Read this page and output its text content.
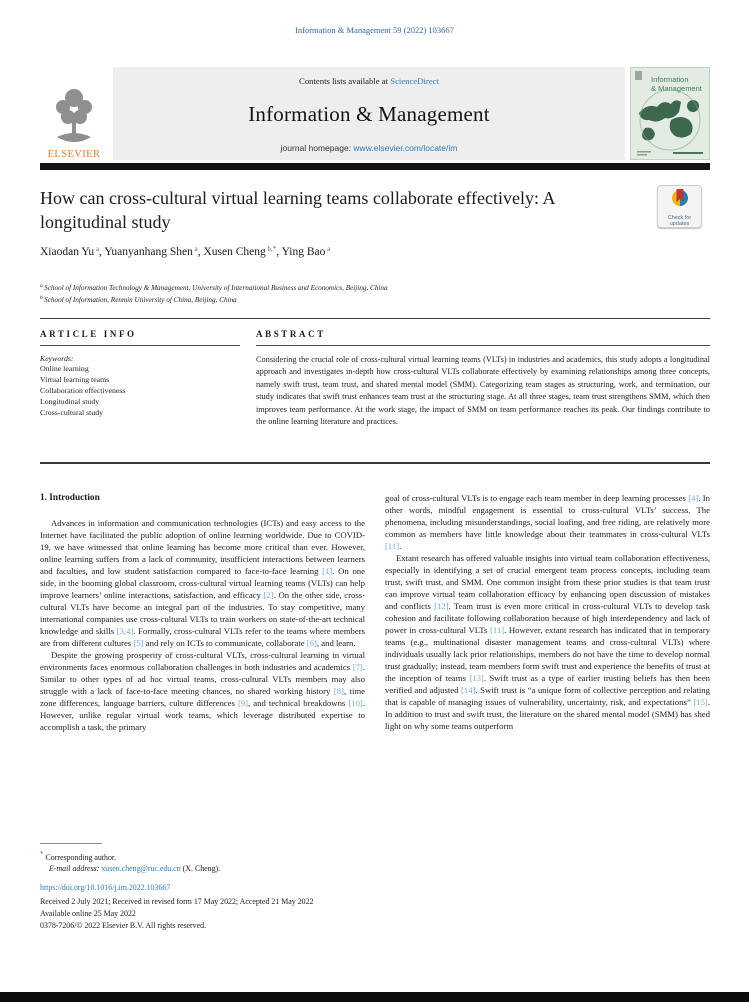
Information & Management 59 (2022) 103667
ELSEVIER
Contents lists available at ScienceDirect
Information & Management
journal homepage: www.elsevier.com/locate/im
Information
& Management
How can cross-cultural virtual learning teams collaborate effectively: A longitudinal study	Check for
updates
Xiaodan Yu $^a$, Yuanyanhang Shen $^a$, Xusen Cheng $^{b,*}$, Ying Bao $^a$
$^a$ School of Information Technology & Management, University of International Business and Economics, Beijing, China
$^b$ School of Information, Renmin University of China, Beijing, China
ARTICLE INFO
Keywords:
Online learning
Virtual learning teams
Collaboration effectiveness
Longitudinal study
Cross-cultural study
ABSTRACT
Considering the crucial role of cross-cultural virtual learning teams (VLTs) in industries and academics, this study adopts a longitudinal approach and investigates in-depth how cross-cultural VLTs collaborate effectively by examining relationships among three concepts, namely swift trust, team trust, and shared mental model (SMM). Categorizing team stages as structuring, work, and termination, our study indicates that swift trust enhances team trust at the structuring stage. At all three stages, team trust strengthens SMM, which then improves team performance. At the work stage, the impact of SMM on team performance reaches its peak. Our findings contribute to the online learning literature and practices.
1. Introduction

Advances in information and communication technologies (ICTs) and easy access to the Internet have facilitated the public adoption of online learning worldwide. Due to COVID-19, we have witnessed that online learning has become more critical than ever. However, online learning suffers from a lack of community, insufficient interactions between learners and faculties, and low student satisfaction compared to face-to-face learning [1]. On one side, in the booming global classroom, cross-cultural virtual learning teams (VLTs) can help improve learners’ online interactions, satisfaction, and efficacy [2]. On the other side, cross-cultural VLTs have become an integral part of the industries. To stay competitive, many international companies use cross-cultural VLTs to train workers on state-of-the-art technical knowledge and skills [3,4]. Formally, cross-cultural VLTs refer to the teams where members are from different cultures [5] and rely on ICTs to communicate, collaborate [6], and learn.

Despite the growing prosperity of cross-cultural VLTs, cross-cultural learning in virtual environments faces enormous collaboration challenges in both industries and academics [7]. Similar to other types of ad hoc virtual teams, cross-cultural VLTs members may also struggle with a lack of face-to-face meeting chances, no shared working history [8], time zone differences, language barriers, culture differences [9], and technical breakdowns [10]. However, unlike regular virtual work teams, which leverage distributed expertise to accomplish a task, the primary

goal of cross-cultural VLTs is to engage each team member in deep learning processes [4]. In other words, mindful engagement is essential to cross-cultural VLTs’ success. The phenomena, including misunderstandings, social loafing, and free riding, are relatively more common as members have little knowledge about their teammates in cross-cultural VLTs [11].

Extant research has offered valuable insights into virtual team collaboration effectiveness, especially in identifying a set of crucial emergent team process concepts, including team trust, swift trust, and SMM. One common insight from these prior studies is that team trust can improve virtual team collaboration efficacy by enhancing open discussion of mistakes and conflicts [12]. Team trust is even more critical in cross-cultural VLTs to develop task cohesion and facilitate following collaboration because of high interdependency and lack of power in cross-cultural VLTs [11]. However, extant research has indicated that in temporary teams (e.g., multinational disaster management teams and cross-cultural VLTs) where individuals usually lack prior relationships, members do not have the time to develop normal trust gradually; instead, team members form swift trust and experience the benefits of trust at the inception of teams [13]. Swift trust as a type of earlier trusting beliefs has then been verified and adjusted [14]. Swift trust is “a unique form of collective perception and relating that is capable of managing issues of vulnerability, uncertainty, risk, and expectations” [15]. In addition to trust and swift trust, the literature on the shared mental model (SMM) has shed light on why some teams outperform

* Corresponding author.
E-mail address: xusen.cheng@ruc.edu.cn (X. Cheng).
https://doi.org/10.1016/j.im.2022.103667
Received 2 July 2021; Received in revised form 17 May 2022; Accepted 21 May 2022
Available online 25 May 2022
0378-7206/© 2022 Elsevier B.V. All rights reserved.
